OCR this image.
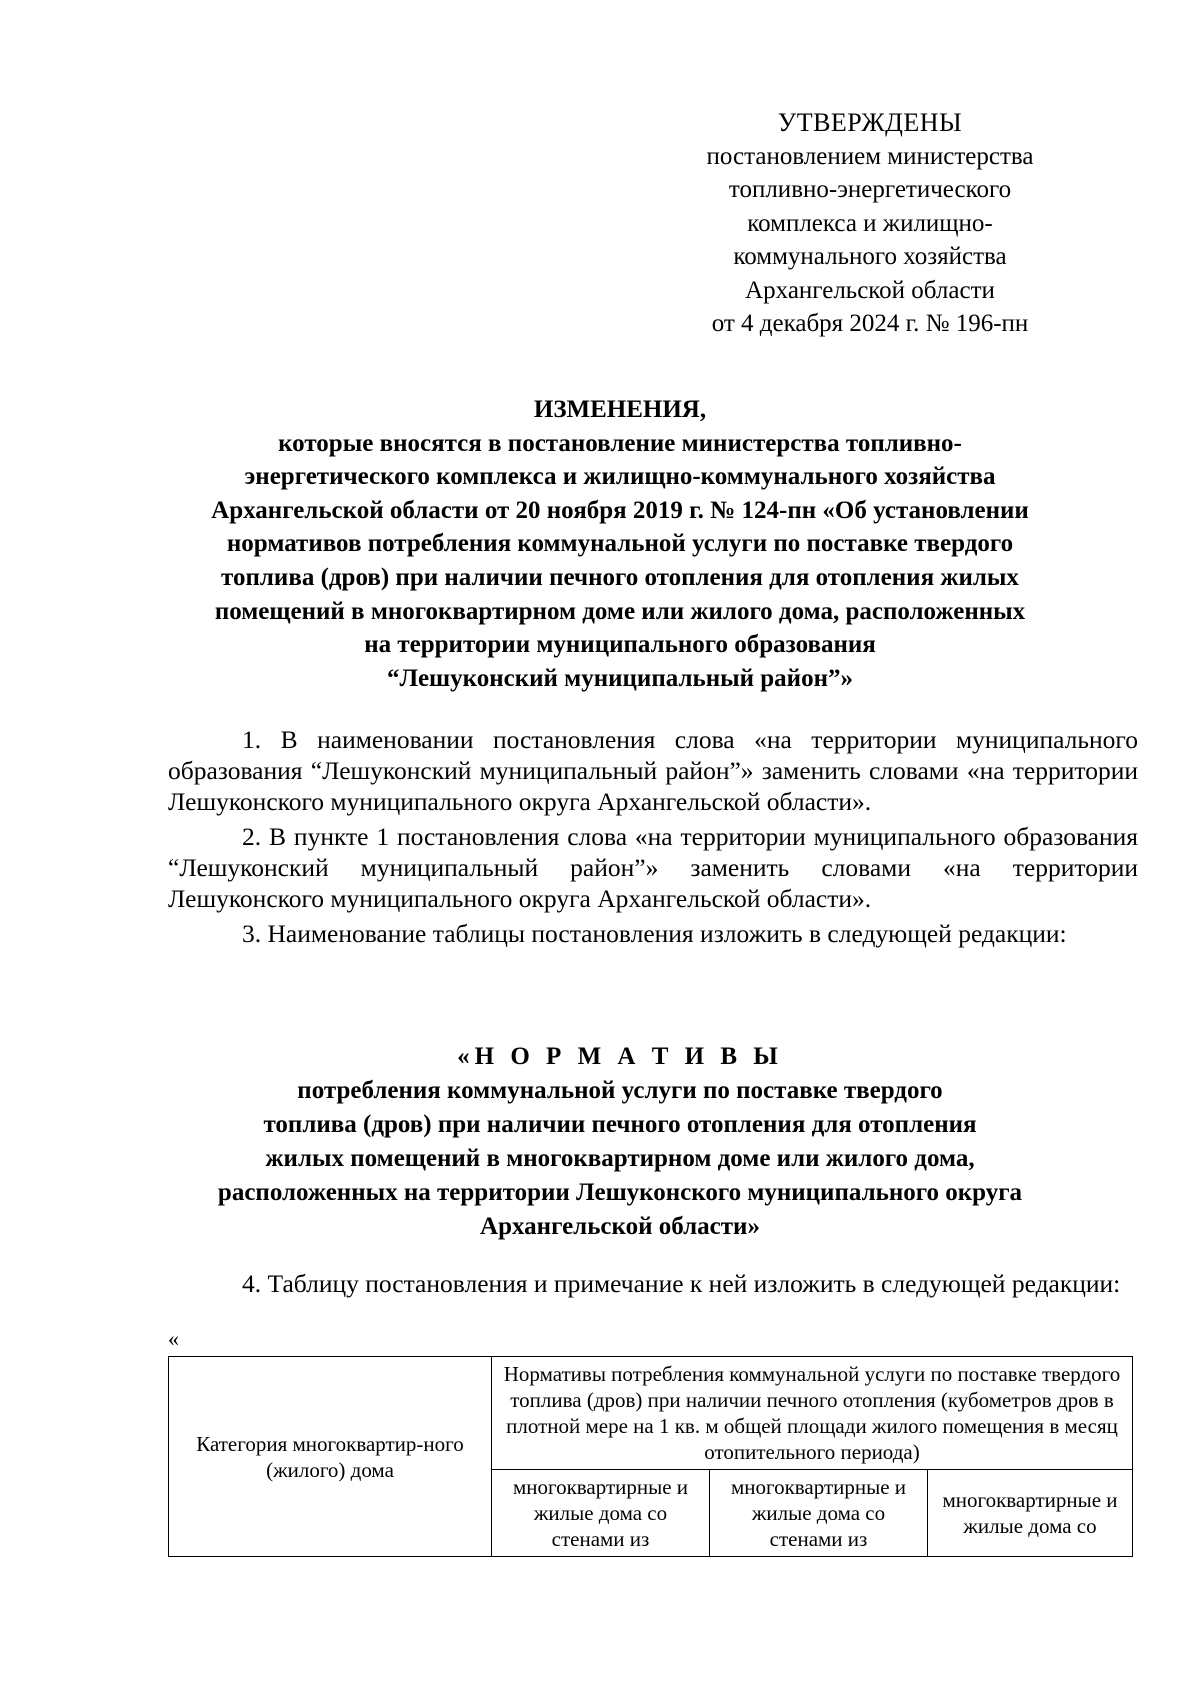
УТВЕРЖДЕНЫ
постановлением министерства
топливно-энергетического
комплекса и жилищно-
коммунального хозяйства
Архангельской области
от 4 декабря 2024 г. № 196-пн
ИЗМЕНЕНИЯ,
которые вносятся в постановление министерства топливно-
энергетического комплекса и жилищно-коммунального хозяйства
Архангельской области от 20 ноября 2019 г. № 124-пн «Об установлении
нормативов потребления коммунальной услуги по поставке твердого
топлива (дров) при наличии печного отопления для отопления жилых
помещений в многоквартирном доме или жилого дома, расположенных
на территории муниципального образования
“Лешуконский муниципальный район”»

1. В наименовании постановления слова «на территории муниципального образования “Лешуконский муниципальный район”» заменить словами «на территории Лешуконского муниципального округа Архангельской области».

2. В пункте 1 постановления слова «на территории муниципального образования “Лешуконский муниципальный район”» заменить словами «на территории Лешуконского муниципального округа Архангельской области».

3. Наименование таблицы постановления изложить в следующей редакции:

«Н О Р М А Т И В Ы
потребления коммунальной услуги по поставке твердого
топлива (дров) при наличии печного отопления для отопления
жилых помещений в многоквартирном доме или жилого дома,
расположенных на территории Лешуконского муниципального округа
Архангельской области»

4. Таблицу постановления и примечание к ней изложить в следующей редакции:

«
Категория многоквартир-ного (жилого) дома	Нормативы потребления коммунальной услуги по поставке твердого топлива (дров) при наличии печного отопления (кубометров дров в плотной мере на 1 кв. м общей площади жилого помещения в месяц отопительного периода)		
	многоквартирные и жилые дома со стенами из	многоквартирные и жилые дома со стенами из	многоквартирные и жилые дома со
